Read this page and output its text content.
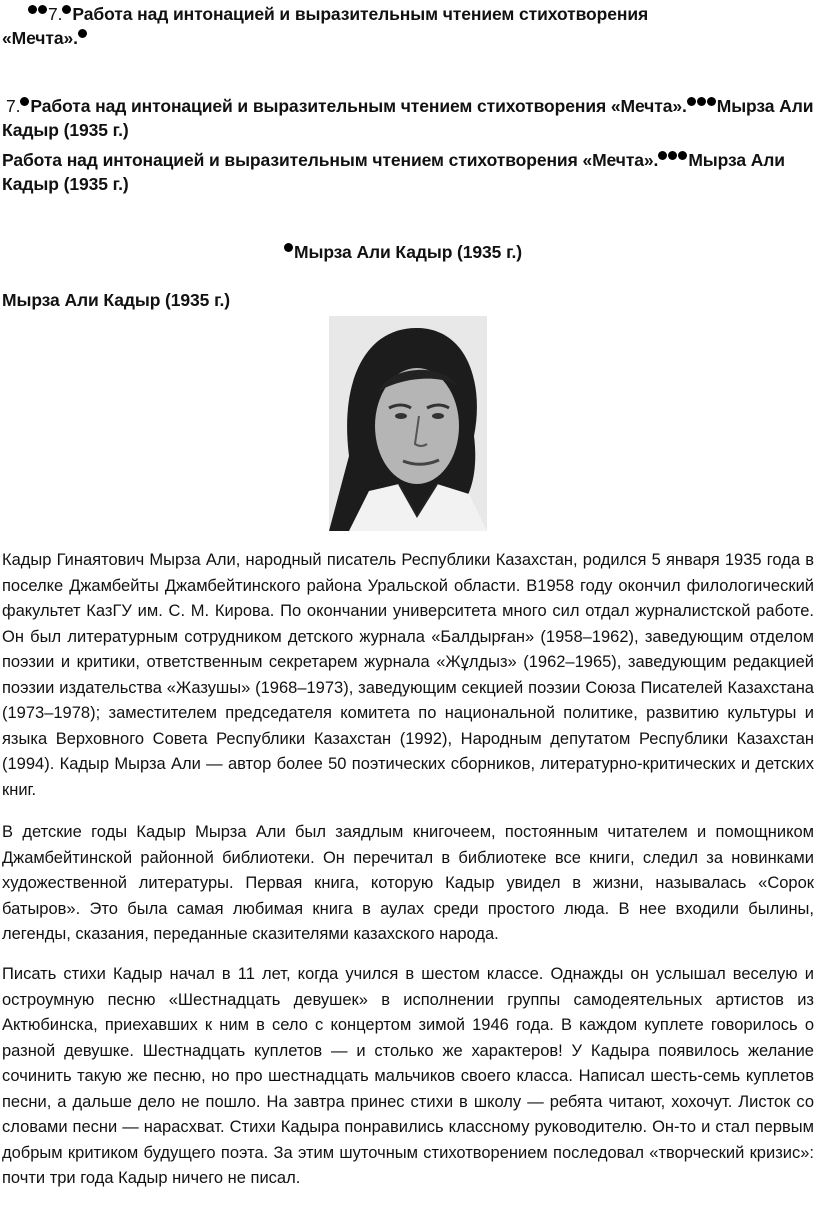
7. Работа над интонацией и выразительным чтением стихотворения
«Мечта».
7. Работа над интонацией и выразительным чтением стихотворения «Мечта». Мырза Али
Кадыр (1935 г.)
Работа над интонацией и выразительным чтением стихотворения «Мечта». Мырза Али
Кадыр (1935 г.)
Мырза Али Кадыр (1935 г.)
Мырза Али Кадыр (1935 г.)
Кадыр Гинаятович Мырза Али, народный писатель Республики Казахстан, родился 5 января 1935 года в поселке Джамбейты Джамбейтинского района Уральской области. В1958 году окончил филологический факультет КазГУ им. С. М. Кирова. По окончании университета много сил отдал журналистской работе. Он был литературным сотрудником детского журнала «Балдырған» (1958–1962), заведующим отделом поэзии и критики, ответственным секретарем журнала «Жұлдыз» (1962–1965), заведующим редакцией поэзии издательства «Жазушы» (1968–1973), заведующим секцией поэзии Союза Писателей Казахстана (1973–1978); заместителем председателя комитета по национальной политике, развитию культуры и языка Верховного Совета Республики Казахстан (1992), Народным депутатом Республики Казахстан (1994). Кадыр Мырза Али — автор более 50 поэтических сборников, литературно-критических и детских книг.
В детские годы Кадыр Мырза Али был заядлым книгочеем, постоянным читателем и помощником Джамбейтинской районной библиотеки. Он перечитал в библиотеке все книги, следил за новинками художественной литературы. Первая книга, которую Кадыр увидел в жизни, называлась «Сорок батыров». Это была самая любимая книга в аулах среди простого люда. В нее входили былины, легенды, сказания, переданные сказителями казахского народа.
Писать стихи Кадыр начал в 11 лет, когда учился в шестом классе. Однажды он услышал веселую и остроумную песню «Шестнадцать девушек» в исполнении группы самодеятельных артистов из Актюбинска, приехавших к ним в село с концертом зимой 1946 года. В каждом куплете говорилось о разной девушке. Шестнадцать куплетов — и столько же характеров! У Кадыра появилось желание сочинить такую же песню, но про шестнадцать мальчиков своего класса. Написал шесть-семь куплетов песни, а дальше дело не пошло. На завтра принес стихи в школу — ребята читают, хохочут. Листок со словами песни — нарасхват. Стихи Кадыра понравились классному руководителю. Он-то и стал первым добрым критиком будущего поэта. За этим шуточным стихотворением последовал «творческий кризис»: почти три года Кадыр ничего не писал.
